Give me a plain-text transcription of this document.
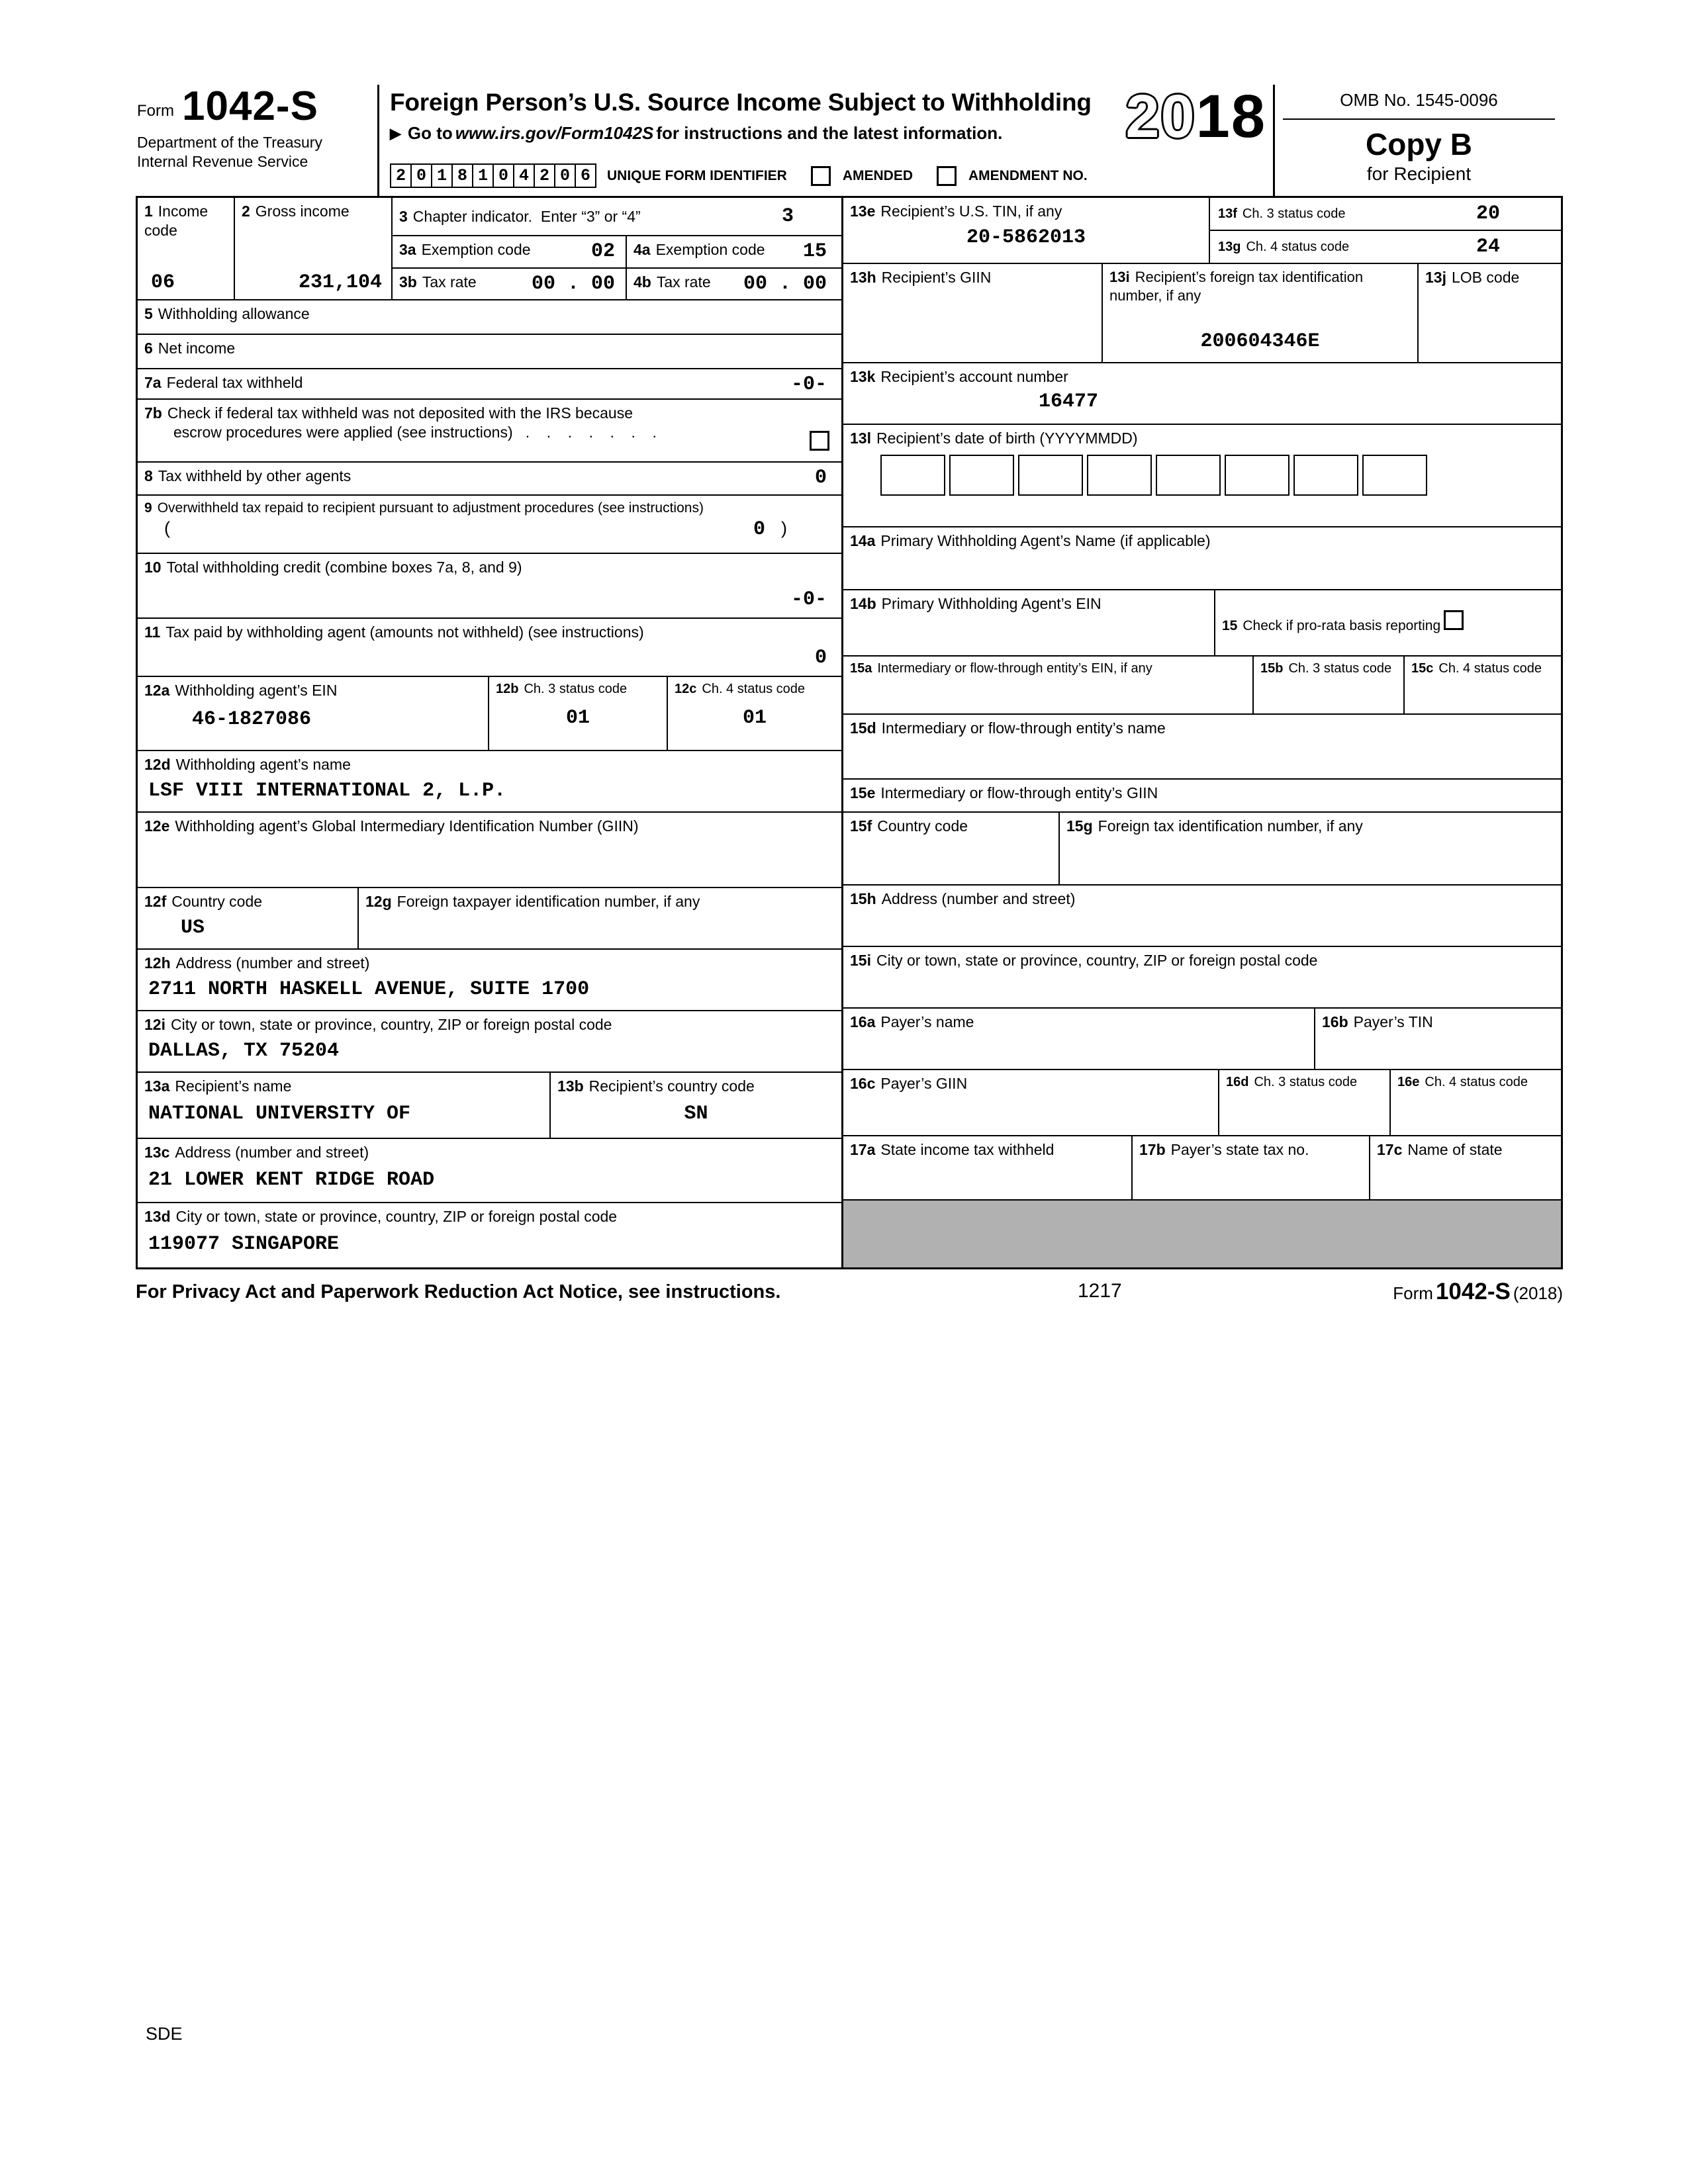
Form 1042-S
Department of the Treasury
Internal Revenue Service
Foreign Person’s U.S. Source Income Subject to Withholding
▶ Go to www.irs.gov/Form1042S for instructions and the latest information.
2 0 1 8 1 0 4 2 0 6	UNIQUE FORM IDENTIFIER	AMENDED	AMENDMENT NO.
2018	OMB No. 1545-0096
Copy B
for Recipient
1 Income code
06
2 Gross income
231,104
3 Chapter indicator.  Enter “3” or “4”	3
3a Exemption code	02 4a Exemption code 15
3b Tax rate	00 . 00 4b Tax rate 00 . 00
5 Withholding allowance
6 Net income
7a Federal tax withheld	-0-
7b Check if federal tax withheld was not deposited with the IRS because
escrow procedures were applied (see instructions)   .    .    .    .    .    .    .
8 Tax withheld by other agents	0
9 Overwithheld tax repaid to recipient pursuant to adjustment procedures (see instructions)
(	0 )
10 Total withholding credit (combine boxes 7a, 8, and 9)
-0-
11 Tax paid by withholding agent (amounts not withheld) (see instructions)
0
12a Withholding agent’s EIN
46-1827086
12b Ch. 3 status code
01
12c Ch. 4 status code
01
12d Withholding agent’s name
LSF VIII INTERNATIONAL 2, L.P.
12e Withholding agent’s Global Intermediary Identification Number (GIIN)
12f Country code
US
12g Foreign taxpayer identification number, if any
12h Address (number and street)
2711 NORTH HASKELL AVENUE, SUITE 1700
12i City or town, state or province, country, ZIP or foreign postal code
DALLAS, TX 75204
13a Recipient’s name
NATIONAL UNIVERSITY OF
13b Recipient’s country code
SN
13c Address (number and street)
21 LOWER KENT RIDGE ROAD
13d City or town, state or province, country, ZIP or foreign postal code
119077 SINGAPORE
13e Recipient’s U.S. TIN, if any
20-5862013
13f Ch. 3 status code	20
13g Ch. 4 status code	24
13h Recipient’s GIIN	13i Recipient’s foreign tax identification number, if any
200604346E
13j LOB code
13k Recipient’s account number
16477
13l Recipient’s date of birth (YYYYMMDD)
14a Primary Withholding Agent’s Name (if applicable)
14b Primary Withholding Agent’s EIN
15 Check if pro-rata basis reporting
15a Intermediary or flow-through entity’s EIN, if any	15b Ch. 3 status code	15c Ch. 4 status code
15d Intermediary or flow-through entity’s name
15e Intermediary or flow-through entity’s GIIN
15f Country code	15g Foreign tax identification number, if any
15h Address (number and street)
15i City or town, state or province, country, ZIP or foreign postal code
16a Payer’s name	16b Payer’s TIN
16c Payer’s GIIN	16d Ch. 3 status code	16e Ch. 4 status code
17a State income tax withheld	17b Payer’s state tax no.	17c Name of state
For Privacy Act and Paperwork Reduction Act Notice, see instructions.	1217	Form 1042-S (2018)
SDE
